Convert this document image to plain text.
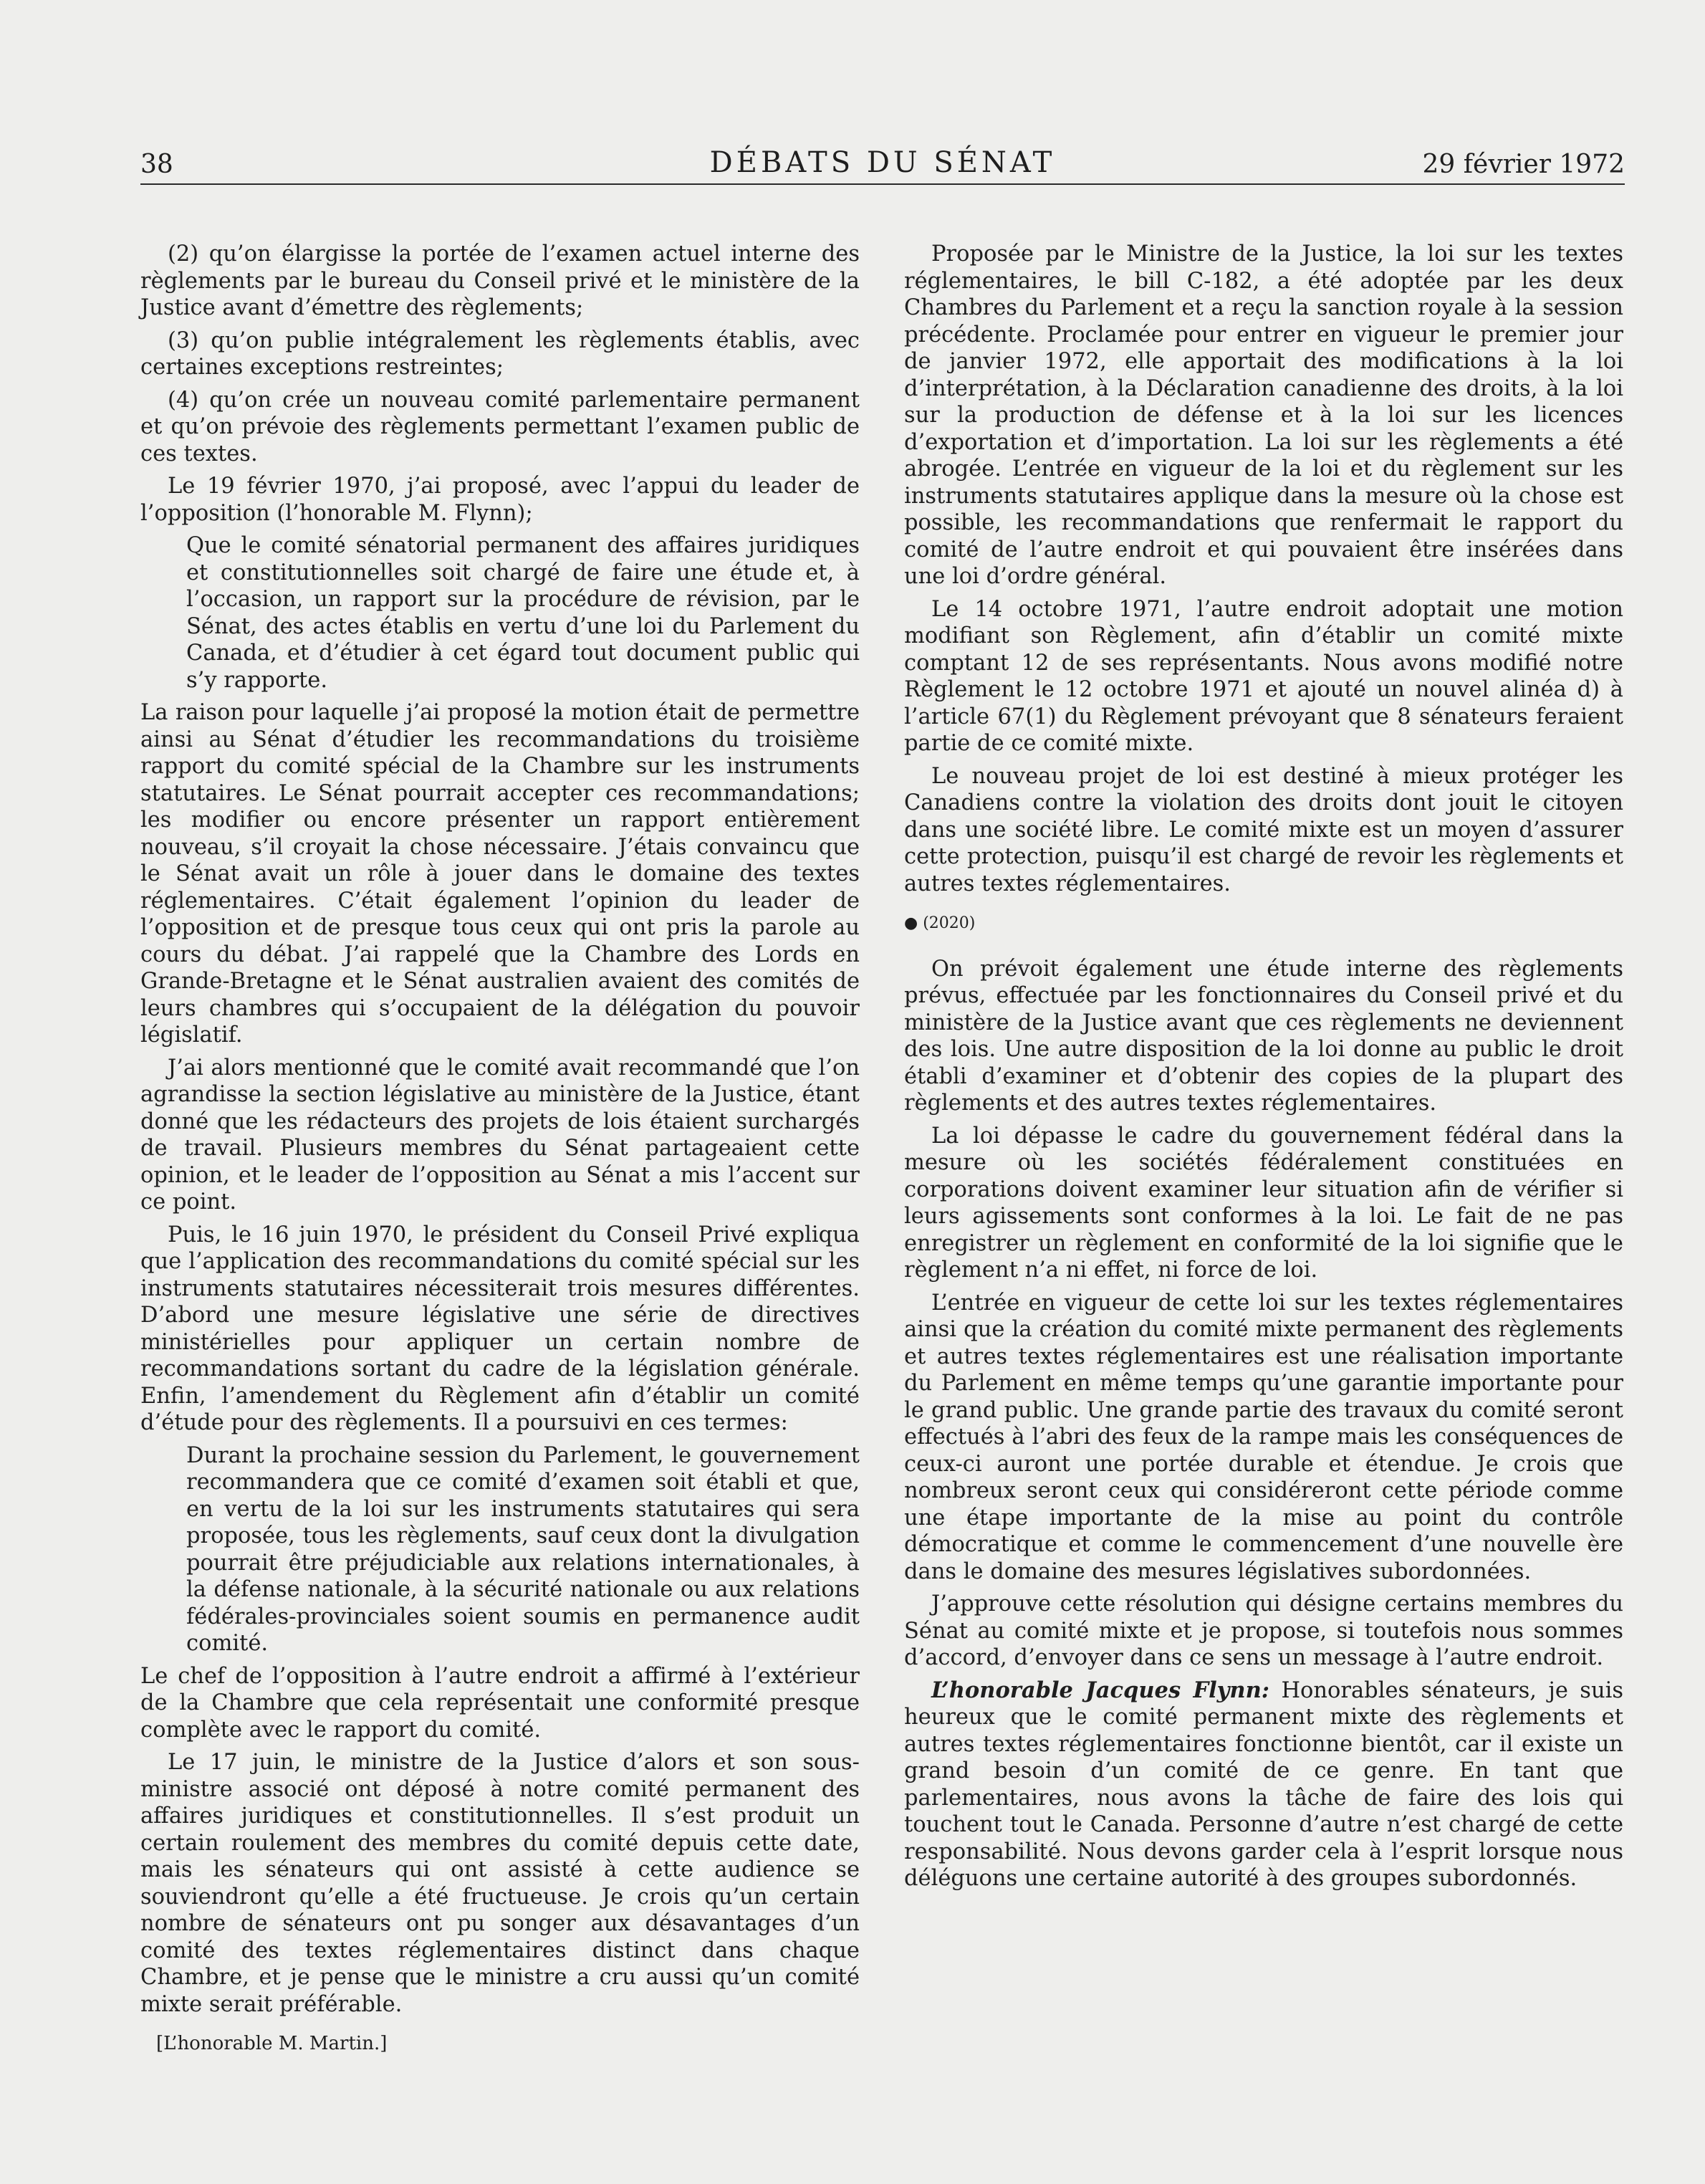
38	DÉBATS DU SÉNAT	29 février 1972

(2) qu’on élargisse la portée de l’examen actuel interne des règlements par le bureau du Conseil privé et le ministère de la Justice avant d’émettre des règlements;

(3) qu’on publie intégralement les règlements établis, avec certaines exceptions restreintes;

(4) qu’on crée un nouveau comité parlementaire permanent et qu’on prévoie des règlements permettant l’examen public de ces textes.

Le 19 février 1970, j’ai proposé, avec l’appui du leader de l’opposition (l’honorable M. Flynn);

Que le comité sénatorial permanent des affaires juridiques et constitutionnelles soit chargé de faire une étude et, à l’occasion, un rapport sur la procédure de révision, par le Sénat, des actes établis en vertu d’une loi du Parlement du Canada, et d’étudier à cet égard tout document public qui s’y rapporte.

La raison pour laquelle j’ai proposé la motion était de permettre ainsi au Sénat d’étudier les recommandations du troisième rapport du comité spécial de la Chambre sur les instruments statutaires. Le Sénat pourrait accepter ces recommandations; les modifier ou encore présenter un rapport entièrement nouveau, s’il croyait la chose nécessaire. J’étais convaincu que le Sénat avait un rôle à jouer dans le domaine des textes réglementaires. C’était également l’opinion du leader de l’opposition et de presque tous ceux qui ont pris la parole au cours du débat. J’ai rappelé que la Chambre des Lords en Grande-Bretagne et le Sénat australien avaient des comités de leurs chambres qui s’occupaient de la délégation du pouvoir législatif.

J’ai alors mentionné que le comité avait recommandé que l’on agrandisse la section législative au ministère de la Justice, étant donné que les rédacteurs des projets de lois étaient surchargés de travail. Plusieurs membres du Sénat partageaient cette opinion, et le leader de l’opposition au Sénat a mis l’accent sur ce point.

Puis, le 16 juin 1970, le président du Conseil Privé expliqua que l’application des recommandations du comité spécial sur les instruments statutaires nécessiterait trois mesures différentes. D’abord une mesure législative une série de directives ministérielles pour appliquer un certain nombre de recommandations sortant du cadre de la législation générale. Enfin, l’amendement du Règlement afin d’établir un comité d’étude pour des règlements. Il a poursuivi en ces termes:

Durant la prochaine session du Parlement, le gouvernement recommandera que ce comité d’examen soit établi et que, en vertu de la loi sur les instruments statutaires qui sera proposée, tous les règlements, sauf ceux dont la divulgation pourrait être préjudiciable aux relations internationales, à la défense nationale, à la sécurité nationale ou aux relations fédérales-provinciales soient soumis en permanence audit comité.

Le chef de l’opposition à l’autre endroit a affirmé à l’extérieur de la Chambre que cela représentait une conformité presque complète avec le rapport du comité.

Le 17 juin, le ministre de la Justice d’alors et son sous-ministre associé ont déposé à notre comité permanent des affaires juridiques et constitutionnelles. Il s’est produit un certain roulement des membres du comité depuis cette date, mais les sénateurs qui ont assisté à cette audience se souviendront qu’elle a été fructueuse. Je crois qu’un certain nombre de sénateurs ont pu songer aux désavantages d’un comité des textes réglementaires distinct dans chaque Chambre, et je pense que le ministre a cru aussi qu’un comité mixte serait préférable.

[L’honorable M. Martin.]

Proposée par le Ministre de la Justice, la loi sur les textes réglementaires, le bill C-182, a été adoptée par les deux Chambres du Parlement et a reçu la sanction royale à la session précédente. Proclamée pour entrer en vigueur le premier jour de janvier 1972, elle apportait des modifications à la loi d’interprétation, à la Déclaration canadienne des droits, à la loi sur la production de défense et à la loi sur les licences d’exportation et d’importation. La loi sur les règlements a été abrogée. L’entrée en vigueur de la loi et du règlement sur les instruments statutaires applique dans la mesure où la chose est possible, les recommandations que renfermait le rapport du comité de l’autre endroit et qui pouvaient être insérées dans une loi d’ordre général.

Le 14 octobre 1971, l’autre endroit adoptait une motion modifiant son Règlement, afin d’établir un comité mixte comptant 12 de ses représentants. Nous avons modifié notre Règlement le 12 octobre 1971 et ajouté un nouvel alinéa d) à l’article 67(1) du Règlement prévoyant que 8 sénateurs feraient partie de ce comité mixte.

Le nouveau projet de loi est destiné à mieux protéger les Canadiens contre la violation des droits dont jouit le citoyen dans une société libre. Le comité mixte est un moyen d’assurer cette protection, puisqu’il est chargé de revoir les règlements et autres textes réglementaires.

● (2020)

On prévoit également une étude interne des règlements prévus, effectuée par les fonctionnaires du Conseil privé et du ministère de la Justice avant que ces règlements ne deviennent des lois. Une autre disposition de la loi donne au public le droit établi d’examiner et d’obtenir des copies de la plupart des règlements et des autres textes réglementaires.

La loi dépasse le cadre du gouvernement fédéral dans la mesure où les sociétés fédéralement constituées en corporations doivent examiner leur situation afin de vérifier si leurs agissements sont conformes à la loi. Le fait de ne pas enregistrer un règlement en conformité de la loi signifie que le règlement n’a ni effet, ni force de loi.

L’entrée en vigueur de cette loi sur les textes réglementaires ainsi que la création du comité mixte permanent des règlements et autres textes réglementaires est une réalisation importante du Parlement en même temps qu’une garantie importante pour le grand public. Une grande partie des travaux du comité seront effectués à l’abri des feux de la rampe mais les conséquences de ceux-ci auront une portée durable et étendue. Je crois que nombreux seront ceux qui considéreront cette période comme une étape importante de la mise au point du contrôle démocratique et comme le commencement d’une nouvelle ère dans le domaine des mesures législatives subordonnées.

J’approuve cette résolution qui désigne certains membres du Sénat au comité mixte et je propose, si toutefois nous sommes d’accord, d’envoyer dans ce sens un message à l’autre endroit.

L’honorable Jacques Flynn: Honorables sénateurs, je suis heureux que le comité permanent mixte des règlements et autres textes réglementaires fonctionne bientôt, car il existe un grand besoin d’un comité de ce genre. En tant que parlementaires, nous avons la tâche de faire des lois qui touchent tout le Canada. Personne d’autre n’est chargé de cette responsabilité. Nous devons garder cela à l’esprit lorsque nous déléguons une certaine autorité à des groupes subordonnés.
